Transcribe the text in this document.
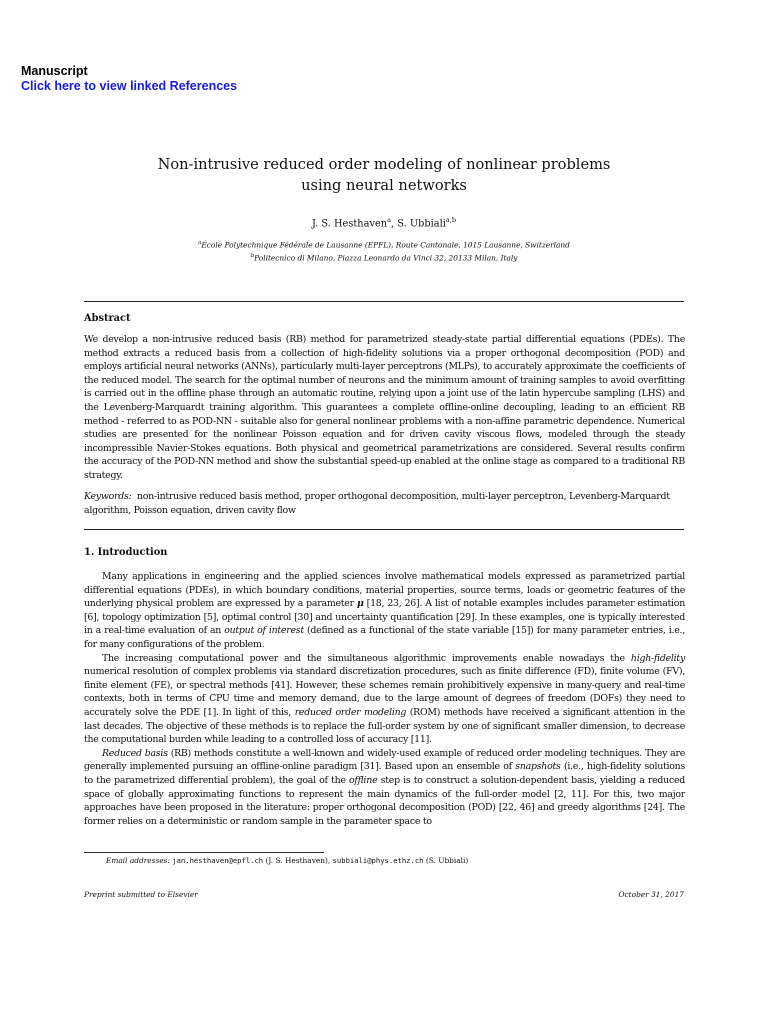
Manuscript
Click here to view linked References
Non-intrusive reduced order modeling of nonlinear problems
using neural networks
J. S. Hesthaven$^a$, S. Ubbiali$^{a,b}$
$^a$École Polytechnique Fédérale de Lausanne (EPFL), Route Cantonale, 1015 Lausanne, Switzerland
$^b$Politecnico di Milano, Piazza Leonardo da Vinci 32, 20133 Milan, Italy
Abstract

We develop a non-intrusive reduced basis (RB) method for parametrized steady-state partial differential equations (PDEs). The method extracts a reduced basis from a collection of high-fidelity solutions via a proper orthogonal decomposition (POD) and employs artificial neural networks (ANNs), particularly multi-layer perceptrons (MLPs), to accurately approximate the coefficients of the reduced model. The search for the optimal number of neurons and the minimum amount of training samples to avoid overfitting is carried out in the offline phase through an automatic routine, relying upon a joint use of the latin hypercube sampling (LHS) and the Levenberg-Marquardt training algorithm. This guarantees a complete offline-online decoupling, leading to an efficient RB method - referred to as POD-NN - suitable also for general nonlinear problems with a non-affine parametric dependence. Numerical studies are presented for the nonlinear Poisson equation and for driven cavity viscous flows, modeled through the steady incompressible Navier-Stokes equations. Both physical and geometrical parametrizations are considered. Several results confirm the accuracy of the POD-NN method and show the substantial speed-up enabled at the online stage as compared to a traditional RB strategy.

Keywords: non-intrusive reduced basis method, proper orthogonal decomposition, multi-layer perceptron, Levenberg-Marquardt algorithm, Poisson equation, driven cavity flow

1. Introduction

Many applications in engineering and the applied sciences involve mathematical models expressed as parametrized partial differential equations (PDEs), in which boundary conditions, material properties, source terms, loads or geometric features of the underlying physical problem are expressed by a parameter μ [18, 23, 26]. A list of notable examples includes parameter estimation [6], topology optimization [5], optimal control [30] and uncertainty quantification [29]. In these examples, one is typically interested in a real-time evaluation of an output of interest (defined as a functional of the state variable [15]) for many parameter entries, i.e., for many configurations of the problem.

The increasing computational power and the simultaneous algorithmic improvements enable nowadays the high-fidelity numerical resolution of complex problems via standard discretization procedures, such as finite difference (FD), finite volume (FV), finite element (FE), or spectral methods [41]. However, these schemes remain prohibitively expensive in many-query and real-time contexts, both in terms of CPU time and memory demand, due to the large amount of degrees of freedom (DOFs) they need to accurately solve the PDE [1]. In light of this, reduced order modeling (ROM) methods have received a significant attention in the last decades. The objective of these methods is to replace the full-order system by one of significant smaller dimension, to decrease the computational burden while leading to a controlled loss of accuracy [11].

Reduced basis (RB) methods constitute a well-known and widely-used example of reduced order modeling techniques. They are generally implemented pursuing an offline-online paradigm [31]. Based upon an ensemble of snapshots (i.e., high-fidelity solutions to the parametrized differential problem), the goal of the offline step is to construct a solution-dependent basis, yielding a reduced space of globally approximating functions to represent the main dynamics of the full-order model [2, 11]. For this, two major approaches have been proposed in the literature: proper orthogonal decomposition (POD) [22, 46] and greedy algorithms [24]. The former relies on a deterministic or random sample in the parameter space to

Email addresses: jan.hesthaven@epfl.ch (J. S. Hesthaven), subbiali@phys.ethz.ch (S. Ubbiali)
Preprint submitted to Elsevier	October 31, 2017
